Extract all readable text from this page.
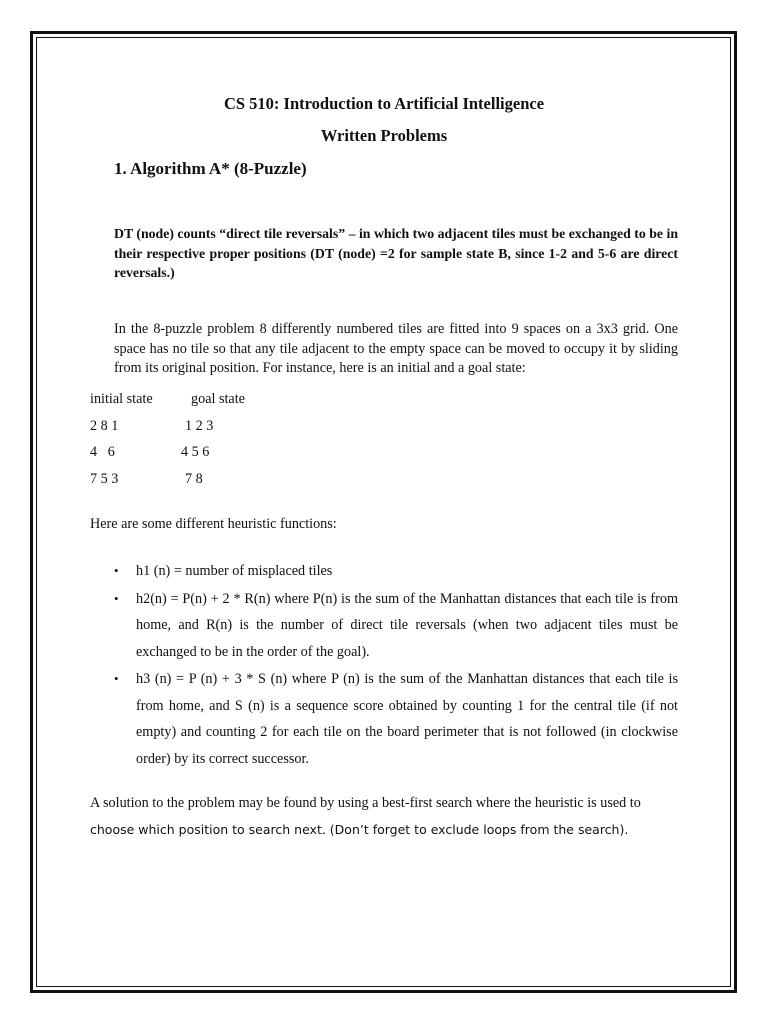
CS 510: Introduction to Artificial Intelligence
Written Problems
1. Algorithm A* (8-Puzzle)
DT (node) counts “direct tile reversals” – in which two adjacent tiles must be exchanged to be in their respective proper positions (DT (node) =2 for sample state B, since 1-2 and 5-6 are direct reversals.)
In the 8-puzzle problem 8 differently numbered tiles are fitted into 9 spaces on a 3x3 grid. One space has no tile so that any tile adjacent to the empty space can be moved to occupy it by sliding from its original position. For instance, here is an initial and a goal state:
initial state	goal state
2 8 1	1 2 3
4   6	4 5 6
7 5 3	7 8
Here are some different heuristic functions:
• h1 (n) = number of misplaced tiles
• h2(n) = P(n) + 2 * R(n) where P(n) is the sum of the Manhattan distances that each tile is from home, and R(n) is the number of direct tile reversals (when two adjacent tiles must be exchanged to be in the order of the goal).
• h3 (n) = P (n) + 3 * S (n) where P (n) is the sum of the Manhattan distances that each tile is from home, and S (n) is a sequence score obtained by counting 1 for the central tile (if not empty) and counting 2 for each tile on the board perimeter that is not followed (in clockwise order) by its correct successor.
A solution to the problem may be found by using a best-first search where the heuristic is used to
choose which position to search next. (Don’t forget to exclude loops from the search).
